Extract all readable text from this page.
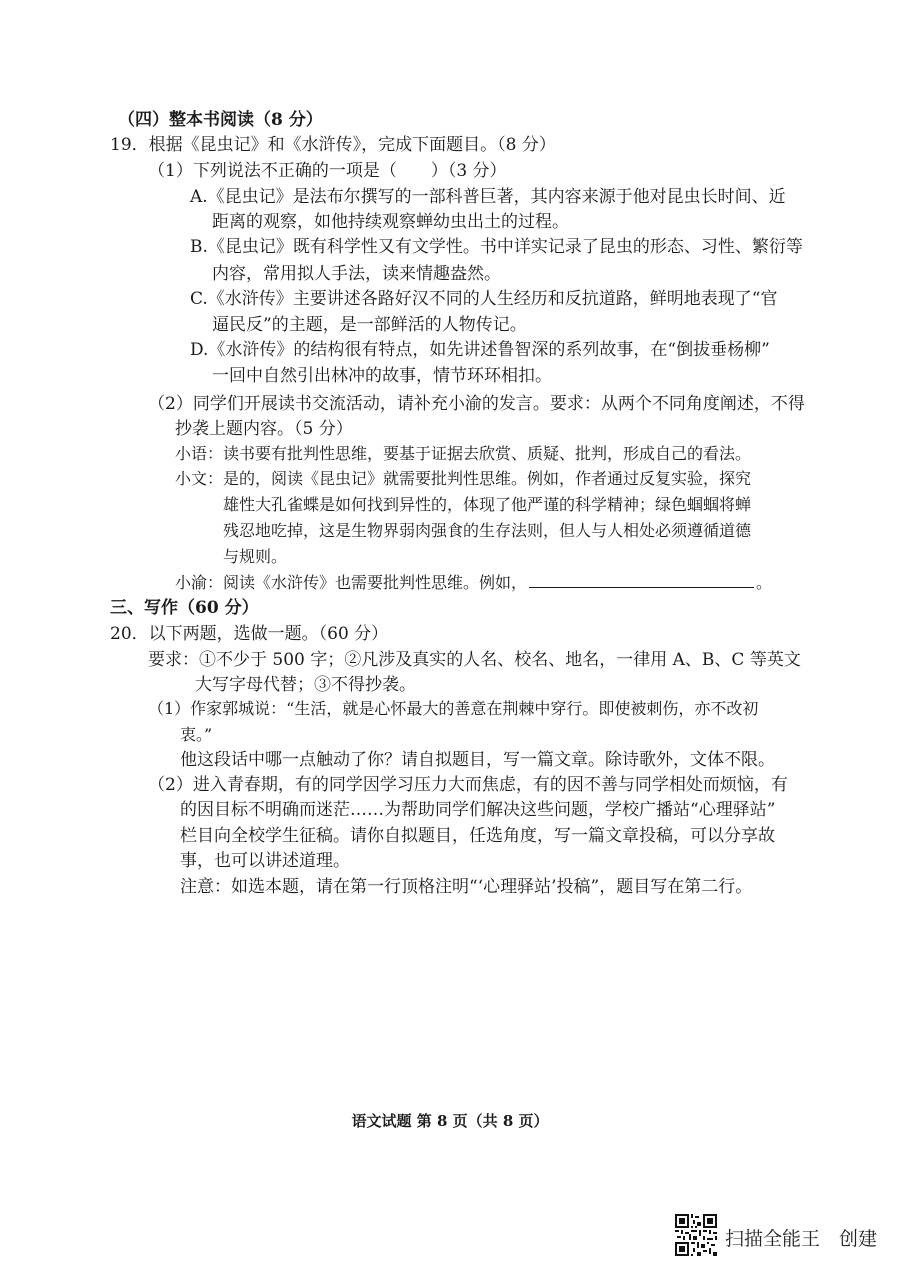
（四）整本书阅读（8 分）
19．根据《昆虫记》和《水浒传》，完成下面题目。（8 分）
（1）下列说法不正确的一项是（　　）（3 分）
A.《昆虫记》是法布尔撰写的一部科普巨著，其内容来源于他对昆虫长时间、近
距离的观察，如他持续观察蝉幼虫出土的过程。
B.《昆虫记》既有科学性又有文学性。书中详实记录了昆虫的形态、习性、繁衍等
内容，常用拟人手法，读来情趣盎然。
C.《水浒传》主要讲述各路好汉不同的人生经历和反抗道路，鲜明地表现了“官
逼民反”的主题，是一部鲜活的人物传记。
D.《水浒传》的结构很有特点，如先讲述鲁智深的系列故事，在“倒拔垂杨柳”
一回中自然引出林冲的故事，情节环环相扣。
（2）同学们开展读书交流活动，请补充小渝的发言。要求：从两个不同角度阐述，不得
抄袭上题内容。（5 分）
小语：读书要有批判性思维，要基于证据去欣赏、质疑、批判，形成自己的看法。
小文：是的，阅读《昆虫记》就需要批判性思维。例如，作者通过反复实验，探究
雄性大孔雀蝶是如何找到异性的，体现了他严谨的科学精神；绿色蝈蝈将蝉
残忍地吃掉，这是生物界弱肉强食的生存法则，但人与人相处必须遵循道德
与规则。
小渝：阅读《水浒传》也需要批判性思维。例如，	。
三、写作（60 分）
20．以下两题，选做一题。（60 分）
要求：①不少于 500 字；②凡涉及真实的人名、校名、地名，一律用 A、B、C 等英文
大写字母代替；③不得抄袭。
（1）作家郭城说：“生活，就是心怀最大的善意在荆棘中穿行。即使被刺伤，亦不改初
衷。”
他这段话中哪一点触动了你？请自拟题目，写一篇文章。除诗歌外，文体不限。
（2）进入青春期，有的同学因学习压力大而焦虑，有的因不善与同学相处而烦恼，有
的因目标不明确而迷茫……为帮助同学们解决这些问题，学校广播站“心理驿站”
栏目向全校学生征稿。请你自拟题目，任选角度，写一篇文章投稿，可以分享故
事，也可以讲述道理。
注意：如选本题，请在第一行顶格注明“‘心理驿站’投稿”，题目写在第二行。
语文试题 第 8 页（共 8 页）
扫描全能王　创建
